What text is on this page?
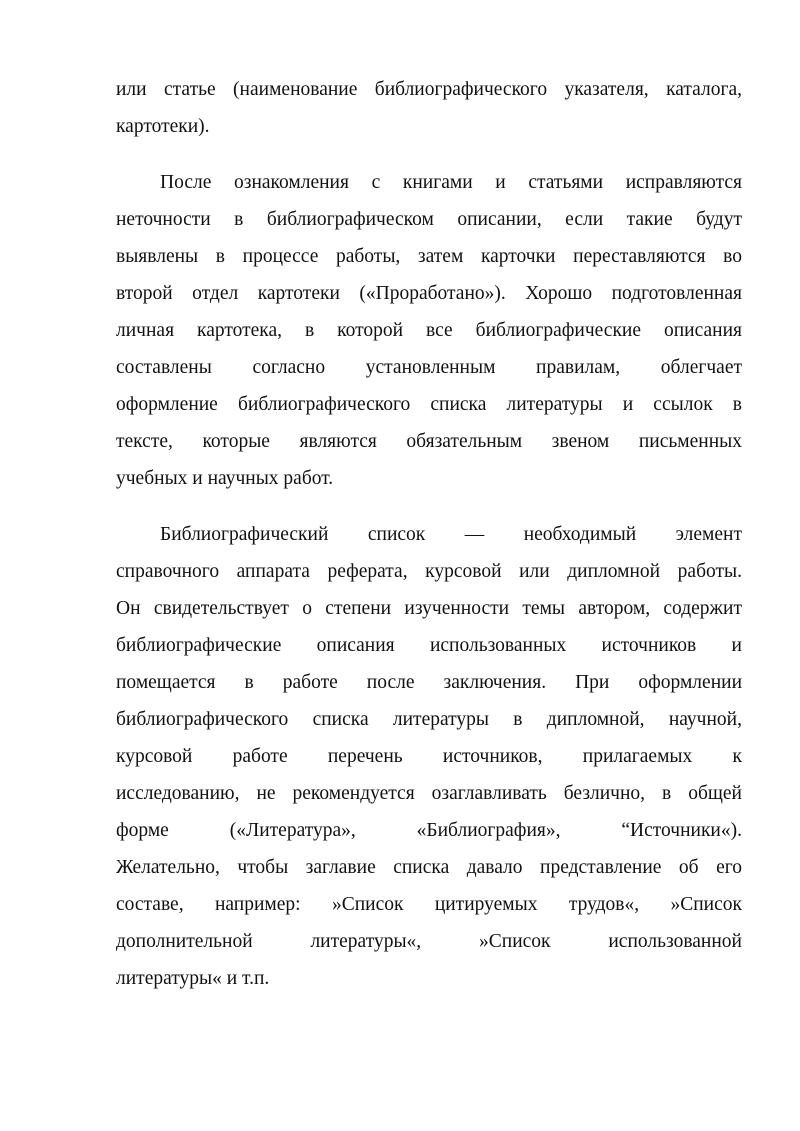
или статье (наименование библиографического указателя, каталога,
картотеки).
После ознакомления с книгами и статьями исправляются
неточности в библиографическом описании, если такие будут
выявлены в процессе работы, затем карточки переставляются во
второй отдел картотеки («Проработано»). Хорошо подготовленная
личная картотека, в которой все библиографические описания
составлены согласно установленным правилам, облегчает
оформление библиографического списка литературы и ссылок в
тексте, которые являются обязательным звеном письменных
учебных и научных работ.
Библиографический список — необходимый элемент
справочного аппарата реферата, курсовой или дипломной работы.
Он свидетельствует о степени изученности темы автором, содержит
библиографические описания использованных источников и
помещается в работе после заключения. При оформлении
библиографического списка литературы в дипломной, научной,
курсовой работе перечень источников, прилагаемых к
исследованию, не рекомендуется озаглавливать безлично, в общей
форме («Литература», «Библиография», “Источники«).
Желательно, чтобы заглавие списка давало представление об его
составе, например: »Список цитируемых трудов«, »Список
дополнительной литературы«, »Список использованной
литературы« и т.п.
